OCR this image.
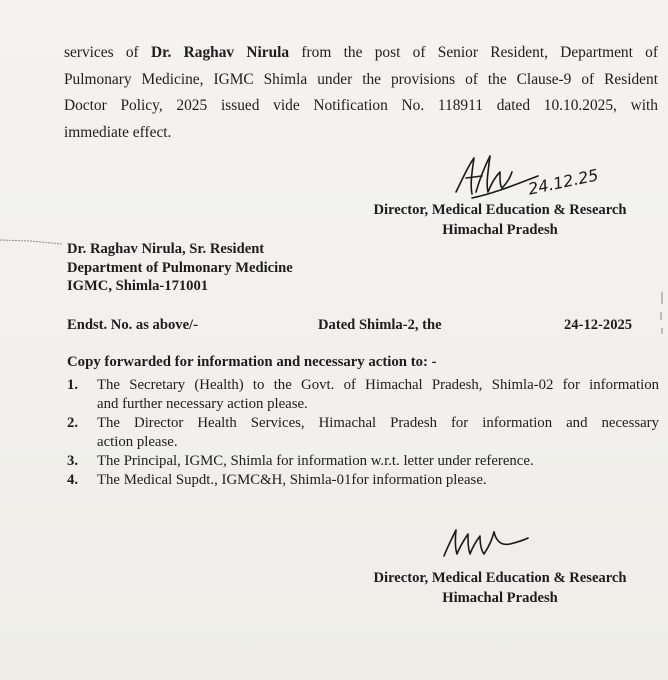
services of Dr. Raghav Nirula from the post of Senior Resident, Department of
Pulmonary Medicine, IGMC Shimla under the provisions of the Clause-9 of Resident
Doctor Policy, 2025 issued vide Notification No. 118911 dated 10.10.2025, with
immediate effect.
24.12.25
Director, Medical Education & Research
Himachal Pradesh
Dr. Raghav Nirula, Sr. Resident
Department of Pulmonary Medicine
IGMC, Shimla-171001
Endst. No. as above/-	Dated Shimla-2, the	24-12-2025
Copy forwarded for information and necessary action to: -
1. The Secretary (Health) to the Govt. of Himachal Pradesh, Shimla-02 for information
and further necessary action please.
2. The Director Health Services, Himachal Pradesh for information and necessary
action please.
3. The Principal, IGMC, Shimla for information w.r.t. letter under reference.
4. The Medical Supdt., IGMC&H, Shimla-01for information please.
Director, Medical Education & Research
Himachal Pradesh
